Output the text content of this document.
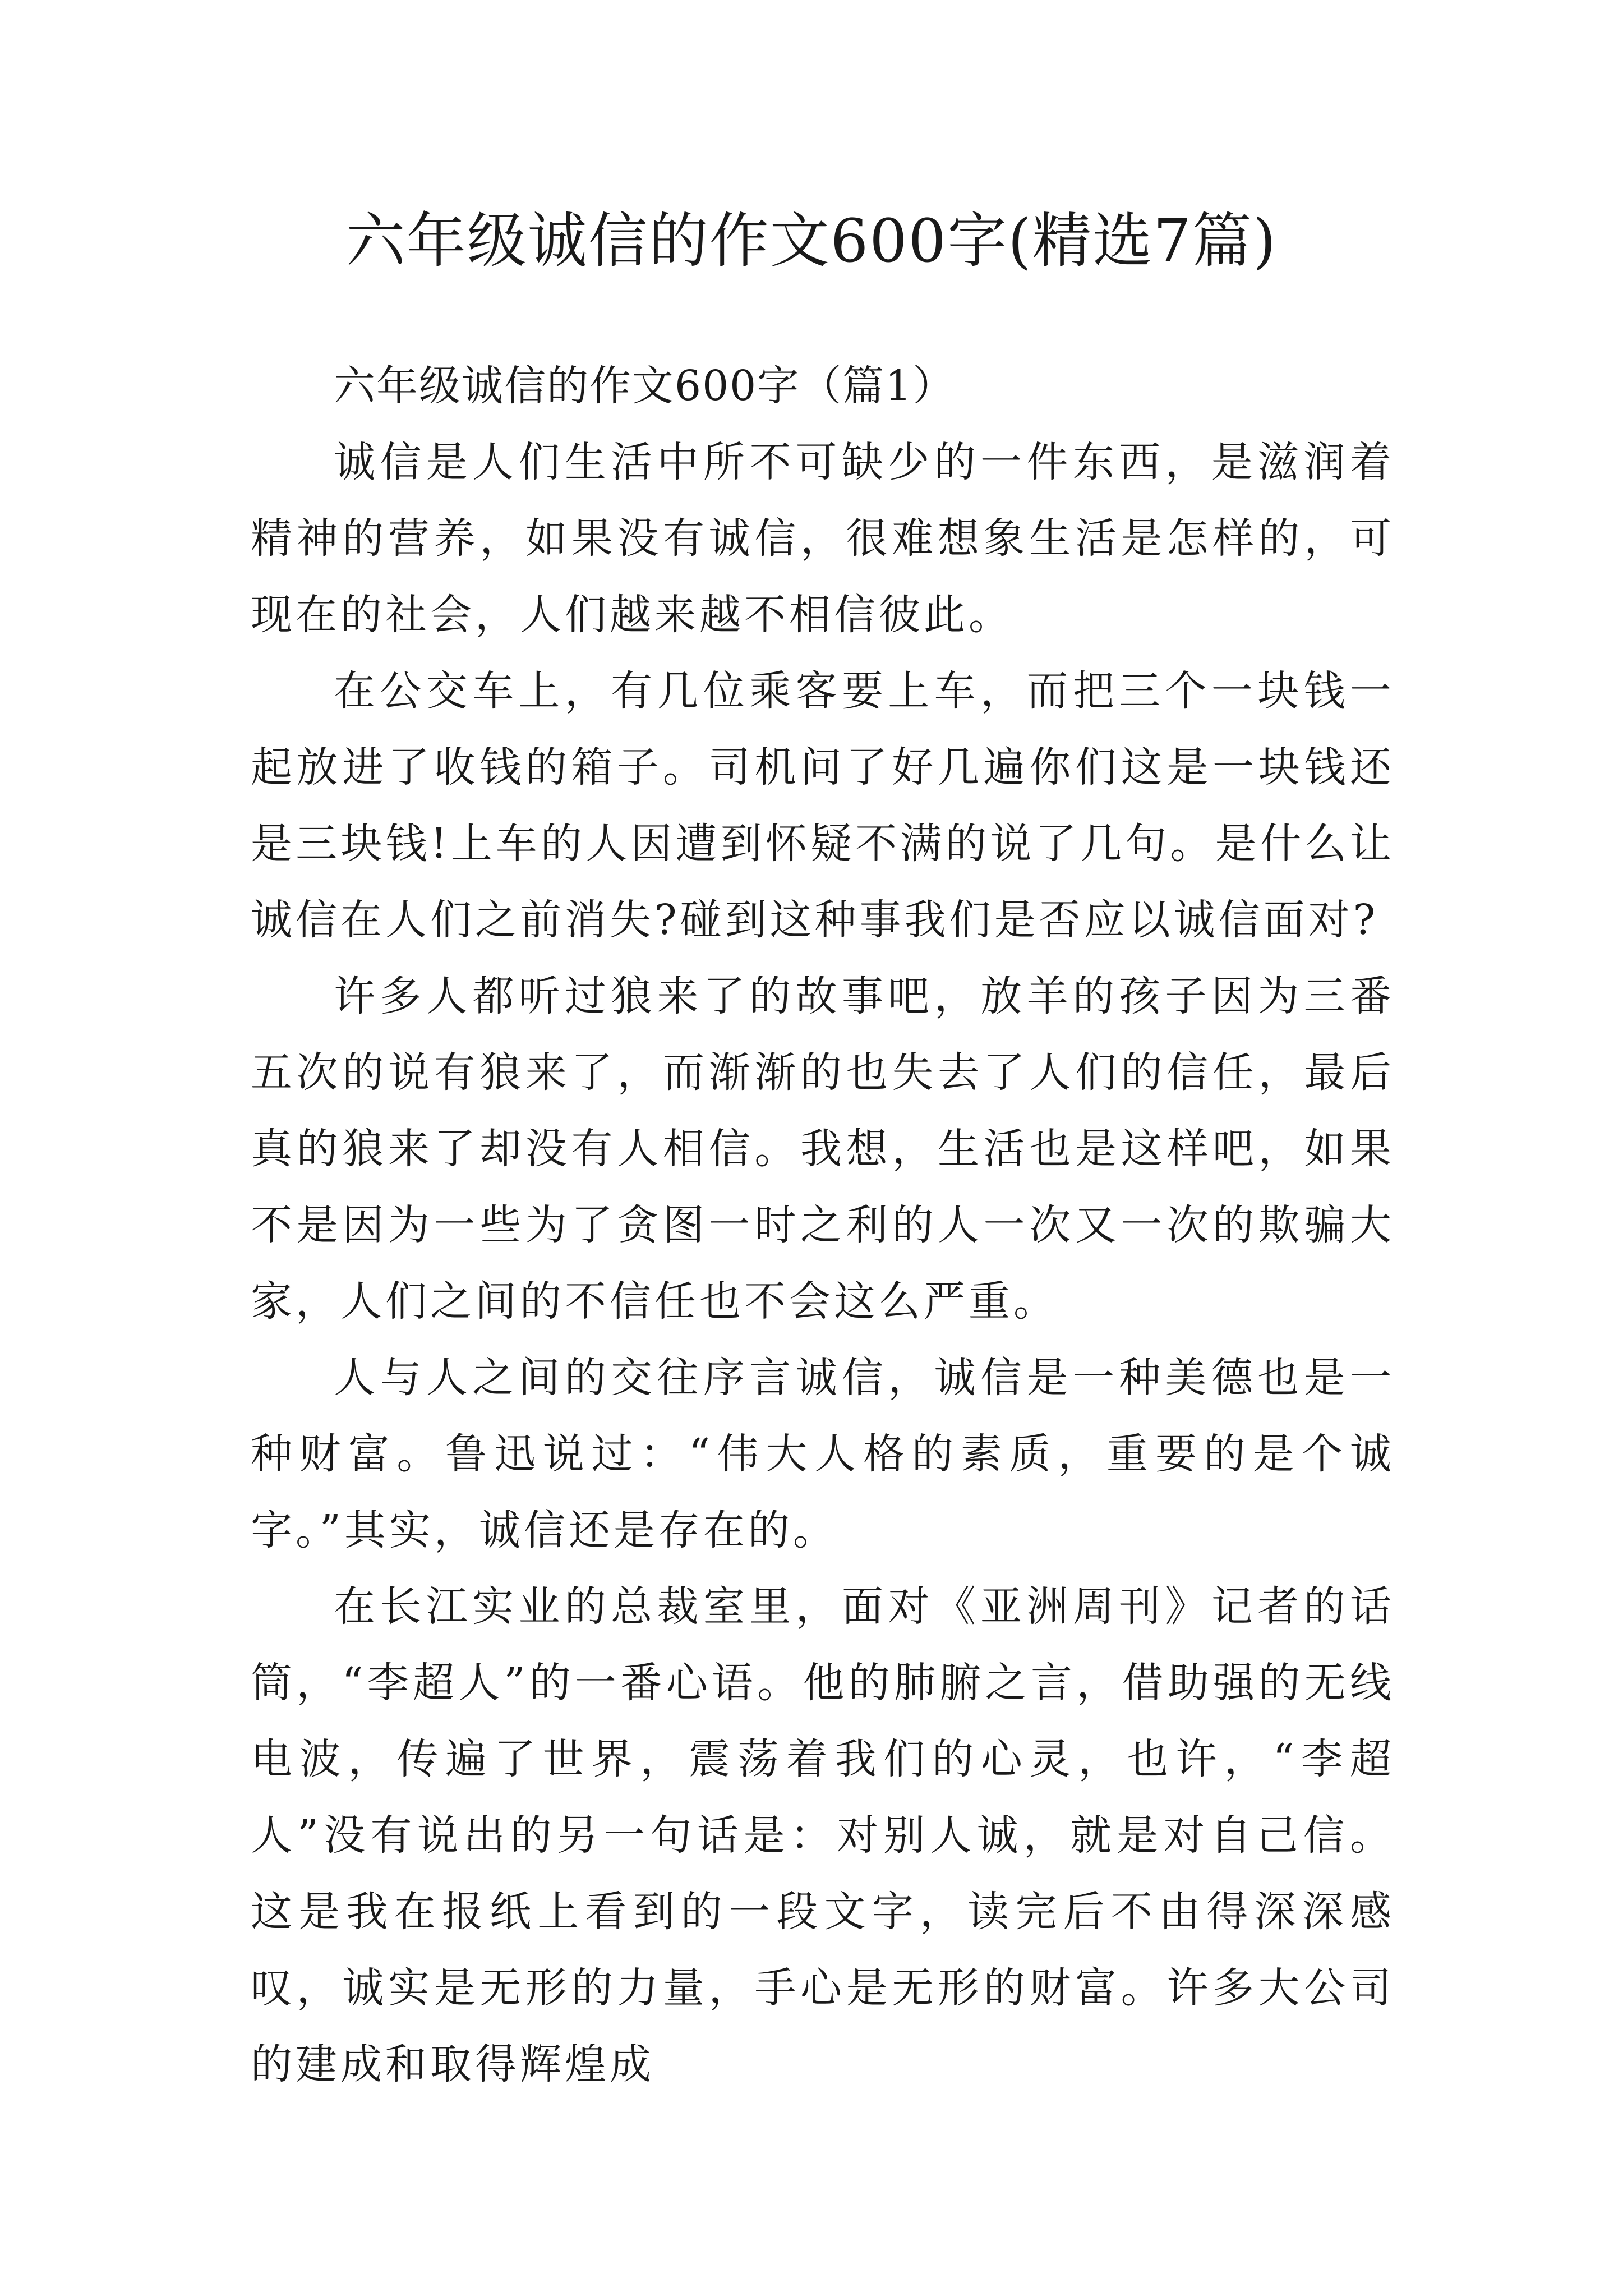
六年级诚信的作文600字(精选7篇)

六年级诚信的作文600字（篇1）

诚信是人们生活中所不可缺少的一件东西，是滋润着精神的营养，如果没有诚信，很难想象生活是怎样的，可现在的社会，人们越来越不相信彼此。

在公交车上，有几位乘客要上车，而把三个一块钱一起放进了收钱的箱子。司机问了好几遍你们这是一块钱还是三块钱!上车的人因遭到怀疑不满的说了几句。是什么让诚信在人们之前消失?碰到这种事我们是否应以诚信面对?

许多人都听过狼来了的故事吧，放羊的孩子因为三番五次的说有狼来了，而渐渐的也失去了人们的信任，最后真的狼来了却没有人相信。我想，生活也是这样吧，如果不是因为一些为了贪图一时之利的人一次又一次的欺骗大家，人们之间的不信任也不会这么严重。

人与人之间的交往序言诚信，诚信是一种美德也是一种财富。鲁迅说过：“伟大人格的素质，重要的是个诚字。”其实，诚信还是存在的。

在长江实业的总裁室里，面对《亚洲周刊》记者的话筒，“李超人”的一番心语。他的肺腑之言，借助强的无线电波，传遍了世界，震荡着我们的心灵，也许，“李超人”没有说出的另一句话是：对别人诚，就是对自己信。这是我在报纸上看到的一段文字，读完后不由得深深感叹，诚实是无形的力量，手心是无形的财富。许多大公司的建成和取得辉煌成
